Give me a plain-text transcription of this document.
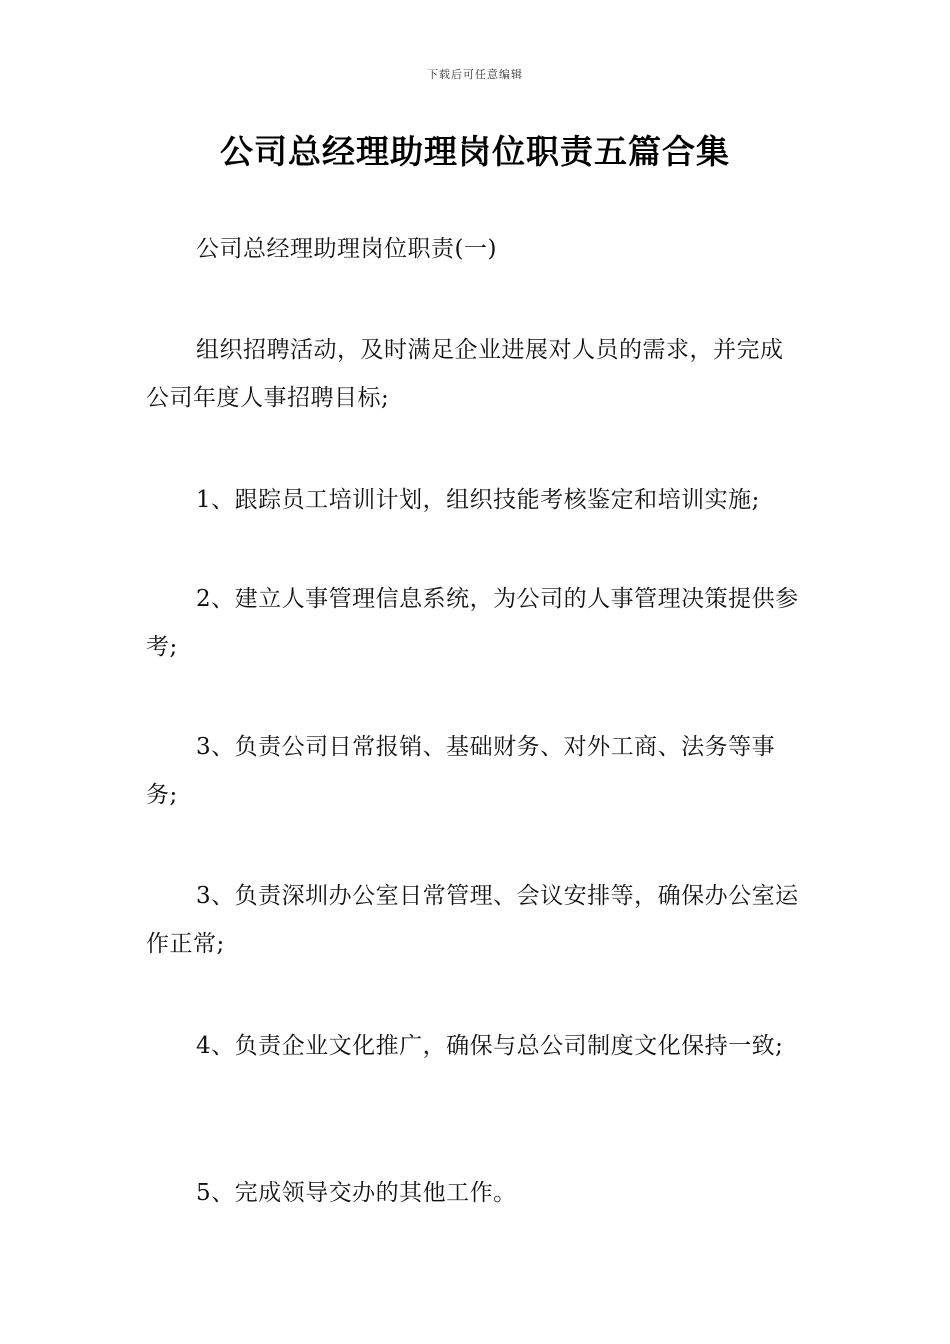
下载后可任意编辑
公司总经理助理岗位职责五篇合集

公司总经理助理岗位职责(一)

组织招聘活动，及时满足企业进展对人员的需求，并完成公司年度人事招聘目标;

1、跟踪员工培训计划，组织技能考核鉴定和培训实施;

2、建立人事管理信息系统，为公司的人事管理决策提供参考;

3、负责公司日常报销、基础财务、对外工商、法务等事务;

3、负责深圳办公室日常管理、会议安排等，确保办公室运作正常;

4、负责企业文化推广，确保与总公司制度文化保持一致;

5、完成领导交办的其他工作。
